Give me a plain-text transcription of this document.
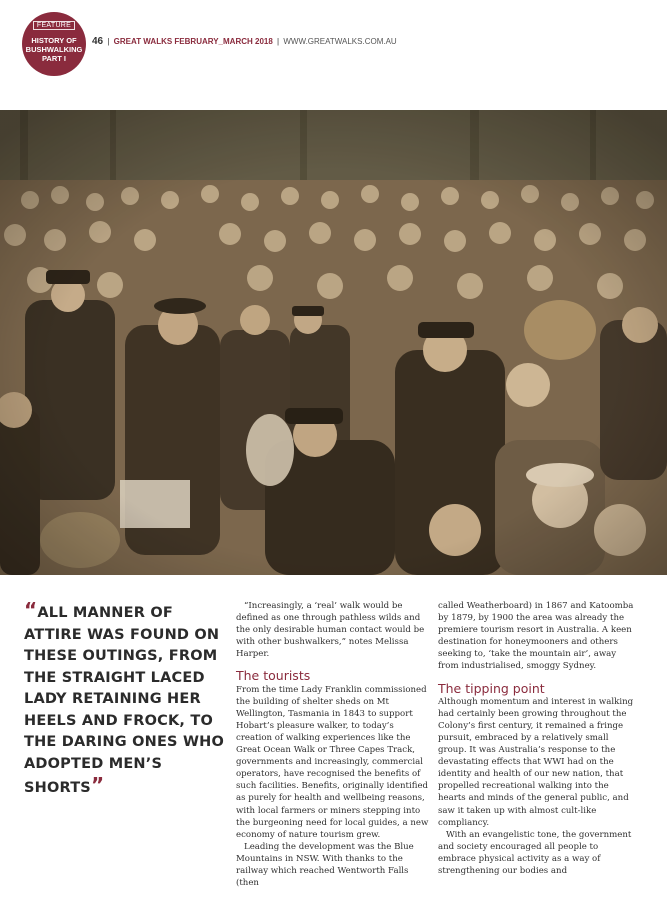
FEATURE
HISTORY OF
BUSHWALKING
PART I
46 | GREAT WALKS FEBRUARY_MARCH 2018 | WWW.GREATWALKS.COM.AU
“ALL MANNER OF ATTIRE WAS FOUND ON THESE OUTINGS, FROM THE STRAIGHT LACED LADY RETAINING HER HEELS AND FROCK, TO THE DARING ONES WHO ADOPTED MEN’S SHORTS”

“Increasingly, a ‘real’ walk would be defined as one through pathless wilds and the only desirable human contact would be with other bushwalkers,” notes Melissa Harper.

The tourists

From the time Lady Franklin commissioned the building of shelter sheds on Mt Wellington, Tasmania in 1843 to support Hobart’s pleasure walker, to today’s creation of walking experiences like the Great Ocean Walk or Three Capes Track, governments and increasingly, commercial operators, have recognised the benefits of such facilities. Benefits, originally identified as purely for health and wellbeing reasons, with local farmers or miners stepping into the burgeoning need for local guides, a new economy of nature tourism grew.

Leading the development was the Blue Mountains in NSW. With thanks to the railway which reached Wentworth Falls (then

called Weatherboard) in 1867 and Katoomba by 1879, by 1900 the area was already the premiere tourism resort in Australia. A keen destination for honeymooners and others seeking to, ‘take the mountain air’, away from industrialised, smoggy Sydney.

The tipping point

Although momentum and interest in walking had certainly been growing throughout the Colony’s first century, it remained a fringe pursuit, embraced by a relatively small group. It was Australia’s response to the devastating effects that WWI had on the identity and health of our new nation, that propelled recreational walking into the hearts and minds of the general public, and saw it taken up with almost cult-like compliancy.

With an evangelistic tone, the government and society encouraged all people to embrace physical activity as a way of strengthening our bodies and
